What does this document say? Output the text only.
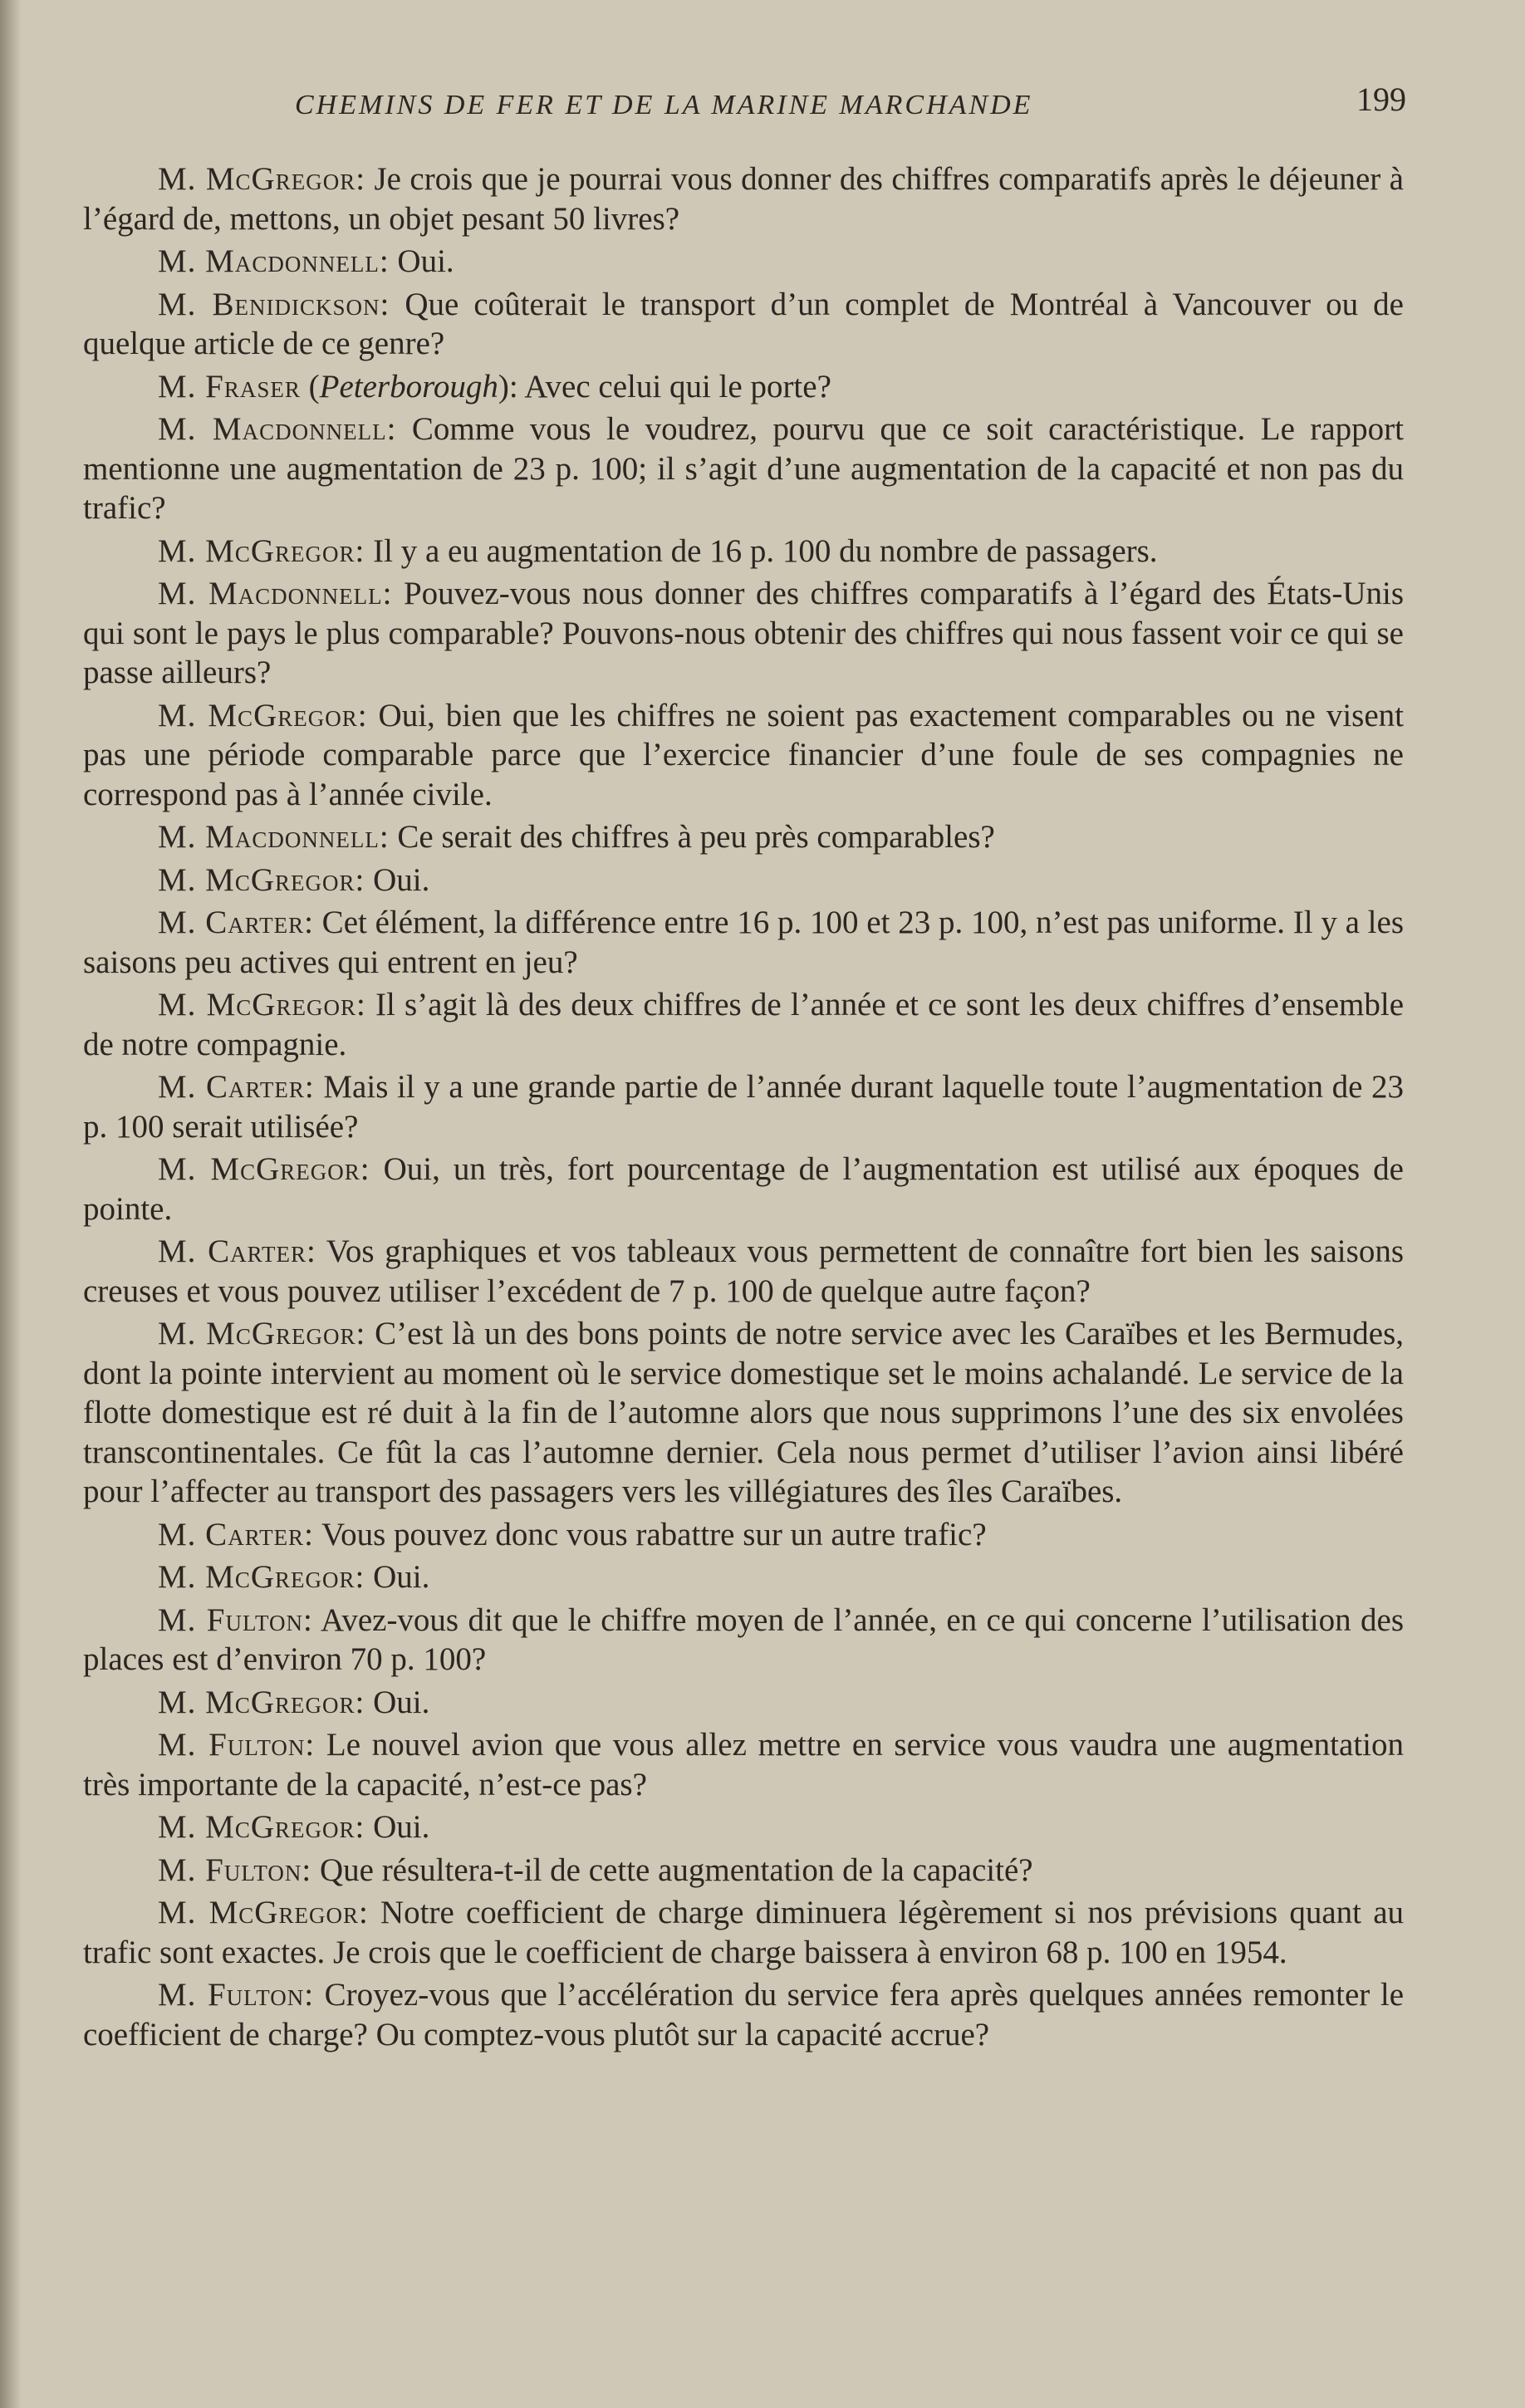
CHEMINS DE FER ET DE LA MARINE MARCHANDE	199

M. McGregor: Je crois que je pourrai vous donner des chiffres comparatifs après le déjeuner à l’égard de, mettons, un objet pesant 50 livres?

M. Macdonnell: Oui.

M. Benidickson: Que coûterait le transport d’un complet de Montréal à Vancouver ou de quelque article de ce genre?

M. Fraser (Peterborough): Avec celui qui le porte?

M. Macdonnell: Comme vous le voudrez, pourvu que ce soit caractéristique. Le rapport mentionne une augmentation de 23 p. 100; il s’agit d’une augmentation de la capacité et non pas du trafic?

M. McGregor: Il y a eu augmentation de 16 p. 100 du nombre de passagers.

M. Macdonnell: Pouvez-vous nous donner des chiffres comparatifs à l’égard des États-Unis qui sont le pays le plus comparable? Pouvons-nous obtenir des chiffres qui nous fassent voir ce qui se passe ailleurs?

M. McGregor: Oui, bien que les chiffres ne soient pas exactement comparables ou ne visent pas une période comparable parce que l’exercice financier d’une foule de ses compagnies ne correspond pas à l’année civile.

M. Macdonnell: Ce serait des chiffres à peu près comparables?

M. McGregor: Oui.

M. Carter: Cet élément, la différence entre 16 p. 100 et 23 p. 100, n’est pas uniforme. Il y a les saisons peu actives qui entrent en jeu?

M. McGregor: Il s’agit là des deux chiffres de l’année et ce sont les deux chiffres d’ensemble de notre compagnie.

M. Carter: Mais il y a une grande partie de l’année durant laquelle toute l’augmentation de 23 p. 100 serait utilisée?

M. McGregor: Oui, un très, fort pourcentage de l’augmentation est utilisé aux époques de pointe.

M. Carter: Vos graphiques et vos tableaux vous permettent de connaître fort bien les saisons creuses et vous pouvez utiliser l’excédent de 7 p. 100 de quelque autre façon?

M. McGregor: C’est là un des bons points de notre service avec les Caraïbes et les Bermudes, dont la pointe intervient au moment où le service domestique set le moins achalandé. Le service de la flotte domestique est ré duit à la fin de l’automne alors que nous supprimons l’une des six envolées transcontinentales. Ce fût la cas l’automne dernier. Cela nous permet d’utiliser l’avion ainsi libéré pour l’affecter au transport des passagers vers les villégiatures des îles Caraïbes.

M. Carter: Vous pouvez donc vous rabattre sur un autre trafic?

M. McGregor: Oui.

M. Fulton: Avez-vous dit que le chiffre moyen de l’année, en ce qui concerne l’utilisation des places est d’environ 70 p. 100?

M. McGregor: Oui.

M. Fulton: Le nouvel avion que vous allez mettre en service vous vaudra une augmentation très importante de la capacité, n’est-ce pas?

M. McGregor: Oui.

M. Fulton: Que résultera-t-il de cette augmentation de la capacité?

M. McGregor: Notre coefficient de charge diminuera légèrement si nos prévisions quant au trafic sont exactes. Je crois que le coefficient de charge baissera à environ 68 p. 100 en 1954.

M. Fulton: Croyez-vous que l’accélération du service fera après quelques années remonter le coefficient de charge? Ou comptez-vous plutôt sur la capacité accrue?
